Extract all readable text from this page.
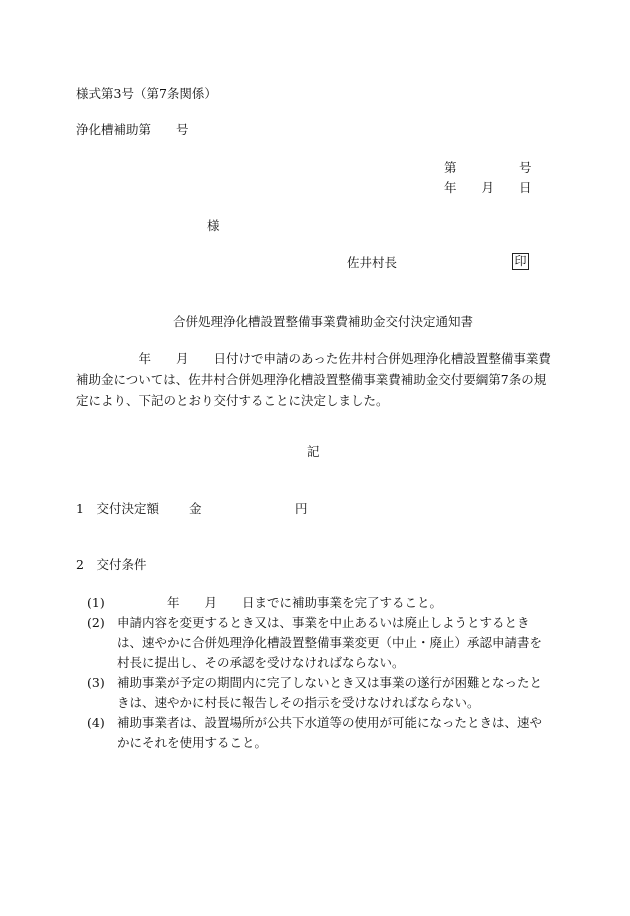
様式第3号（第7条関係）
浄化槽補助第　　号
第　　　　　号
年　　月　　日
様
佐井村長	印
合併処理浄化槽設置整備事業費補助金交付決定通知書
　　　　　年　　月　　日付けで申請のあった佐井村合併処理浄化槽設置整備事業費補助金については、佐井村合併処理浄化槽設置整備事業費補助金交付要綱第7条の規定により、下記のとおり交付することに決定しました。
記
1　交付決定額 金	円
2　交付条件
(1) 　　　　年　　月　　日までに補助事業を完了すること。
(2) 申請内容を変更するとき又は、事業を中止あるいは廃止しようとするときは、速やかに合併処理浄化槽設置整備事業変更（中止・廃止）承認申請書を村長に提出し、その承認を受けなければならない。
(3) 補助事業が予定の期間内に完了しないとき又は事業の遂行が困難となったときは、速やかに村長に報告しその指示を受けなければならない。
(4) 補助事業者は、設置場所が公共下水道等の使用が可能になったときは、速やかにそれを使用すること。
